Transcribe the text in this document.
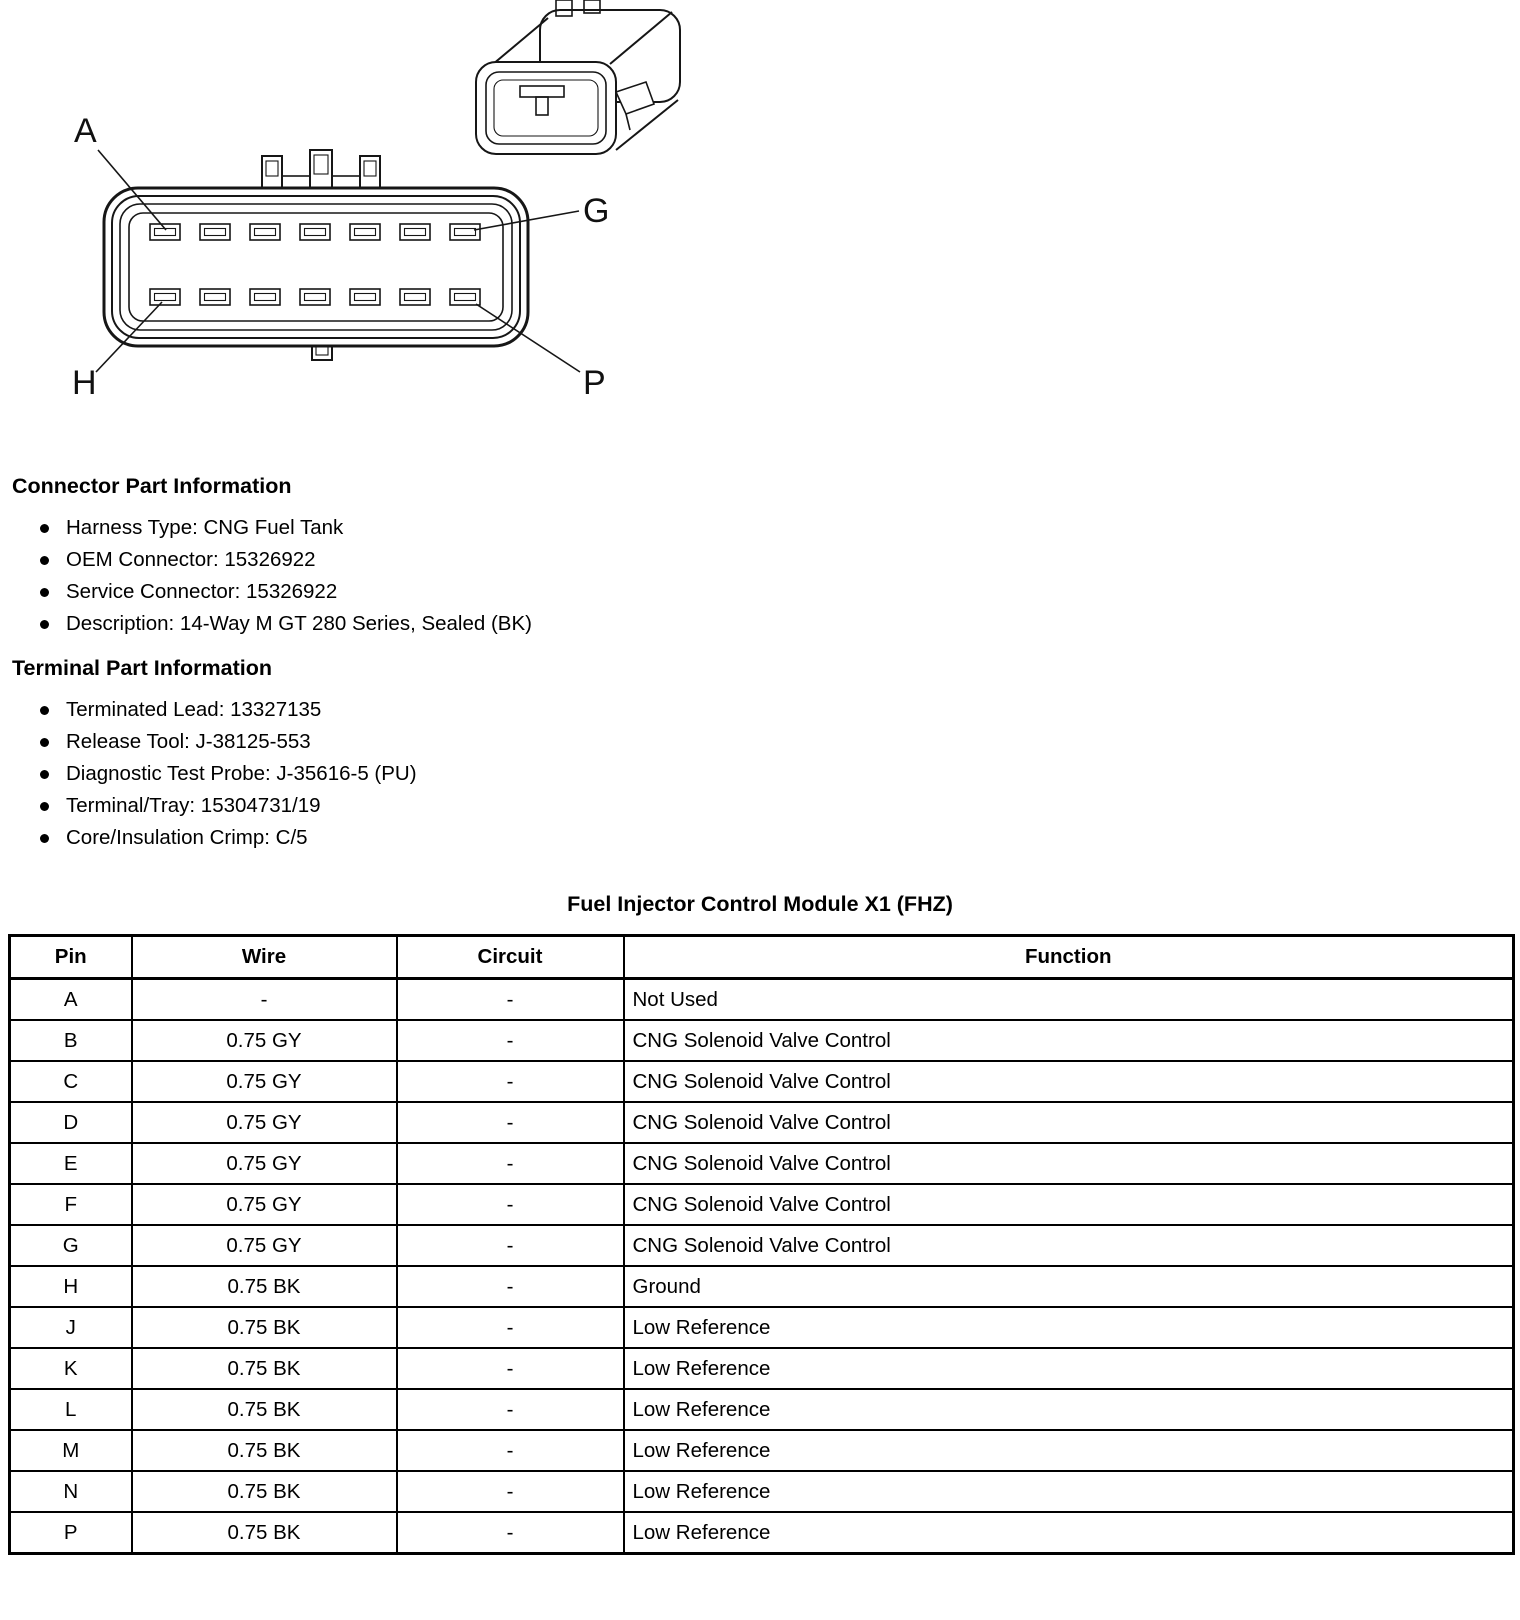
A
G
H	P
Connector Part Information
Harness Type: CNG Fuel Tank
OEM Connector: 15326922
Service Connector: 15326922
Description: 14-Way M GT 280 Series, Sealed (BK)
Terminal Part Information
Terminated Lead: 13327135
Release Tool: J-38125-553
Diagnostic Test Probe: J-35616-5 (PU)
Terminal/Tray: 15304731/19
Core/Insulation Crimp: C/5
Fuel Injector Control Module X1 (FHZ)
Pin	Wire	Circuit	Function
A	-	-	Not Used
B	0.75 GY	-	CNG Solenoid Valve Control
C	0.75 GY	-	CNG Solenoid Valve Control
D	0.75 GY	-	CNG Solenoid Valve Control
E	0.75 GY	-	CNG Solenoid Valve Control
F	0.75 GY	-	CNG Solenoid Valve Control
G	0.75 GY	-	CNG Solenoid Valve Control
H	0.75 BK	-	Ground
J	0.75 BK	-	Low Reference
K	0.75 BK	-	Low Reference
L	0.75 BK	-	Low Reference
M	0.75 BK	-	Low Reference
N	0.75 BK	-	Low Reference
P	0.75 BK	-	Low Reference
